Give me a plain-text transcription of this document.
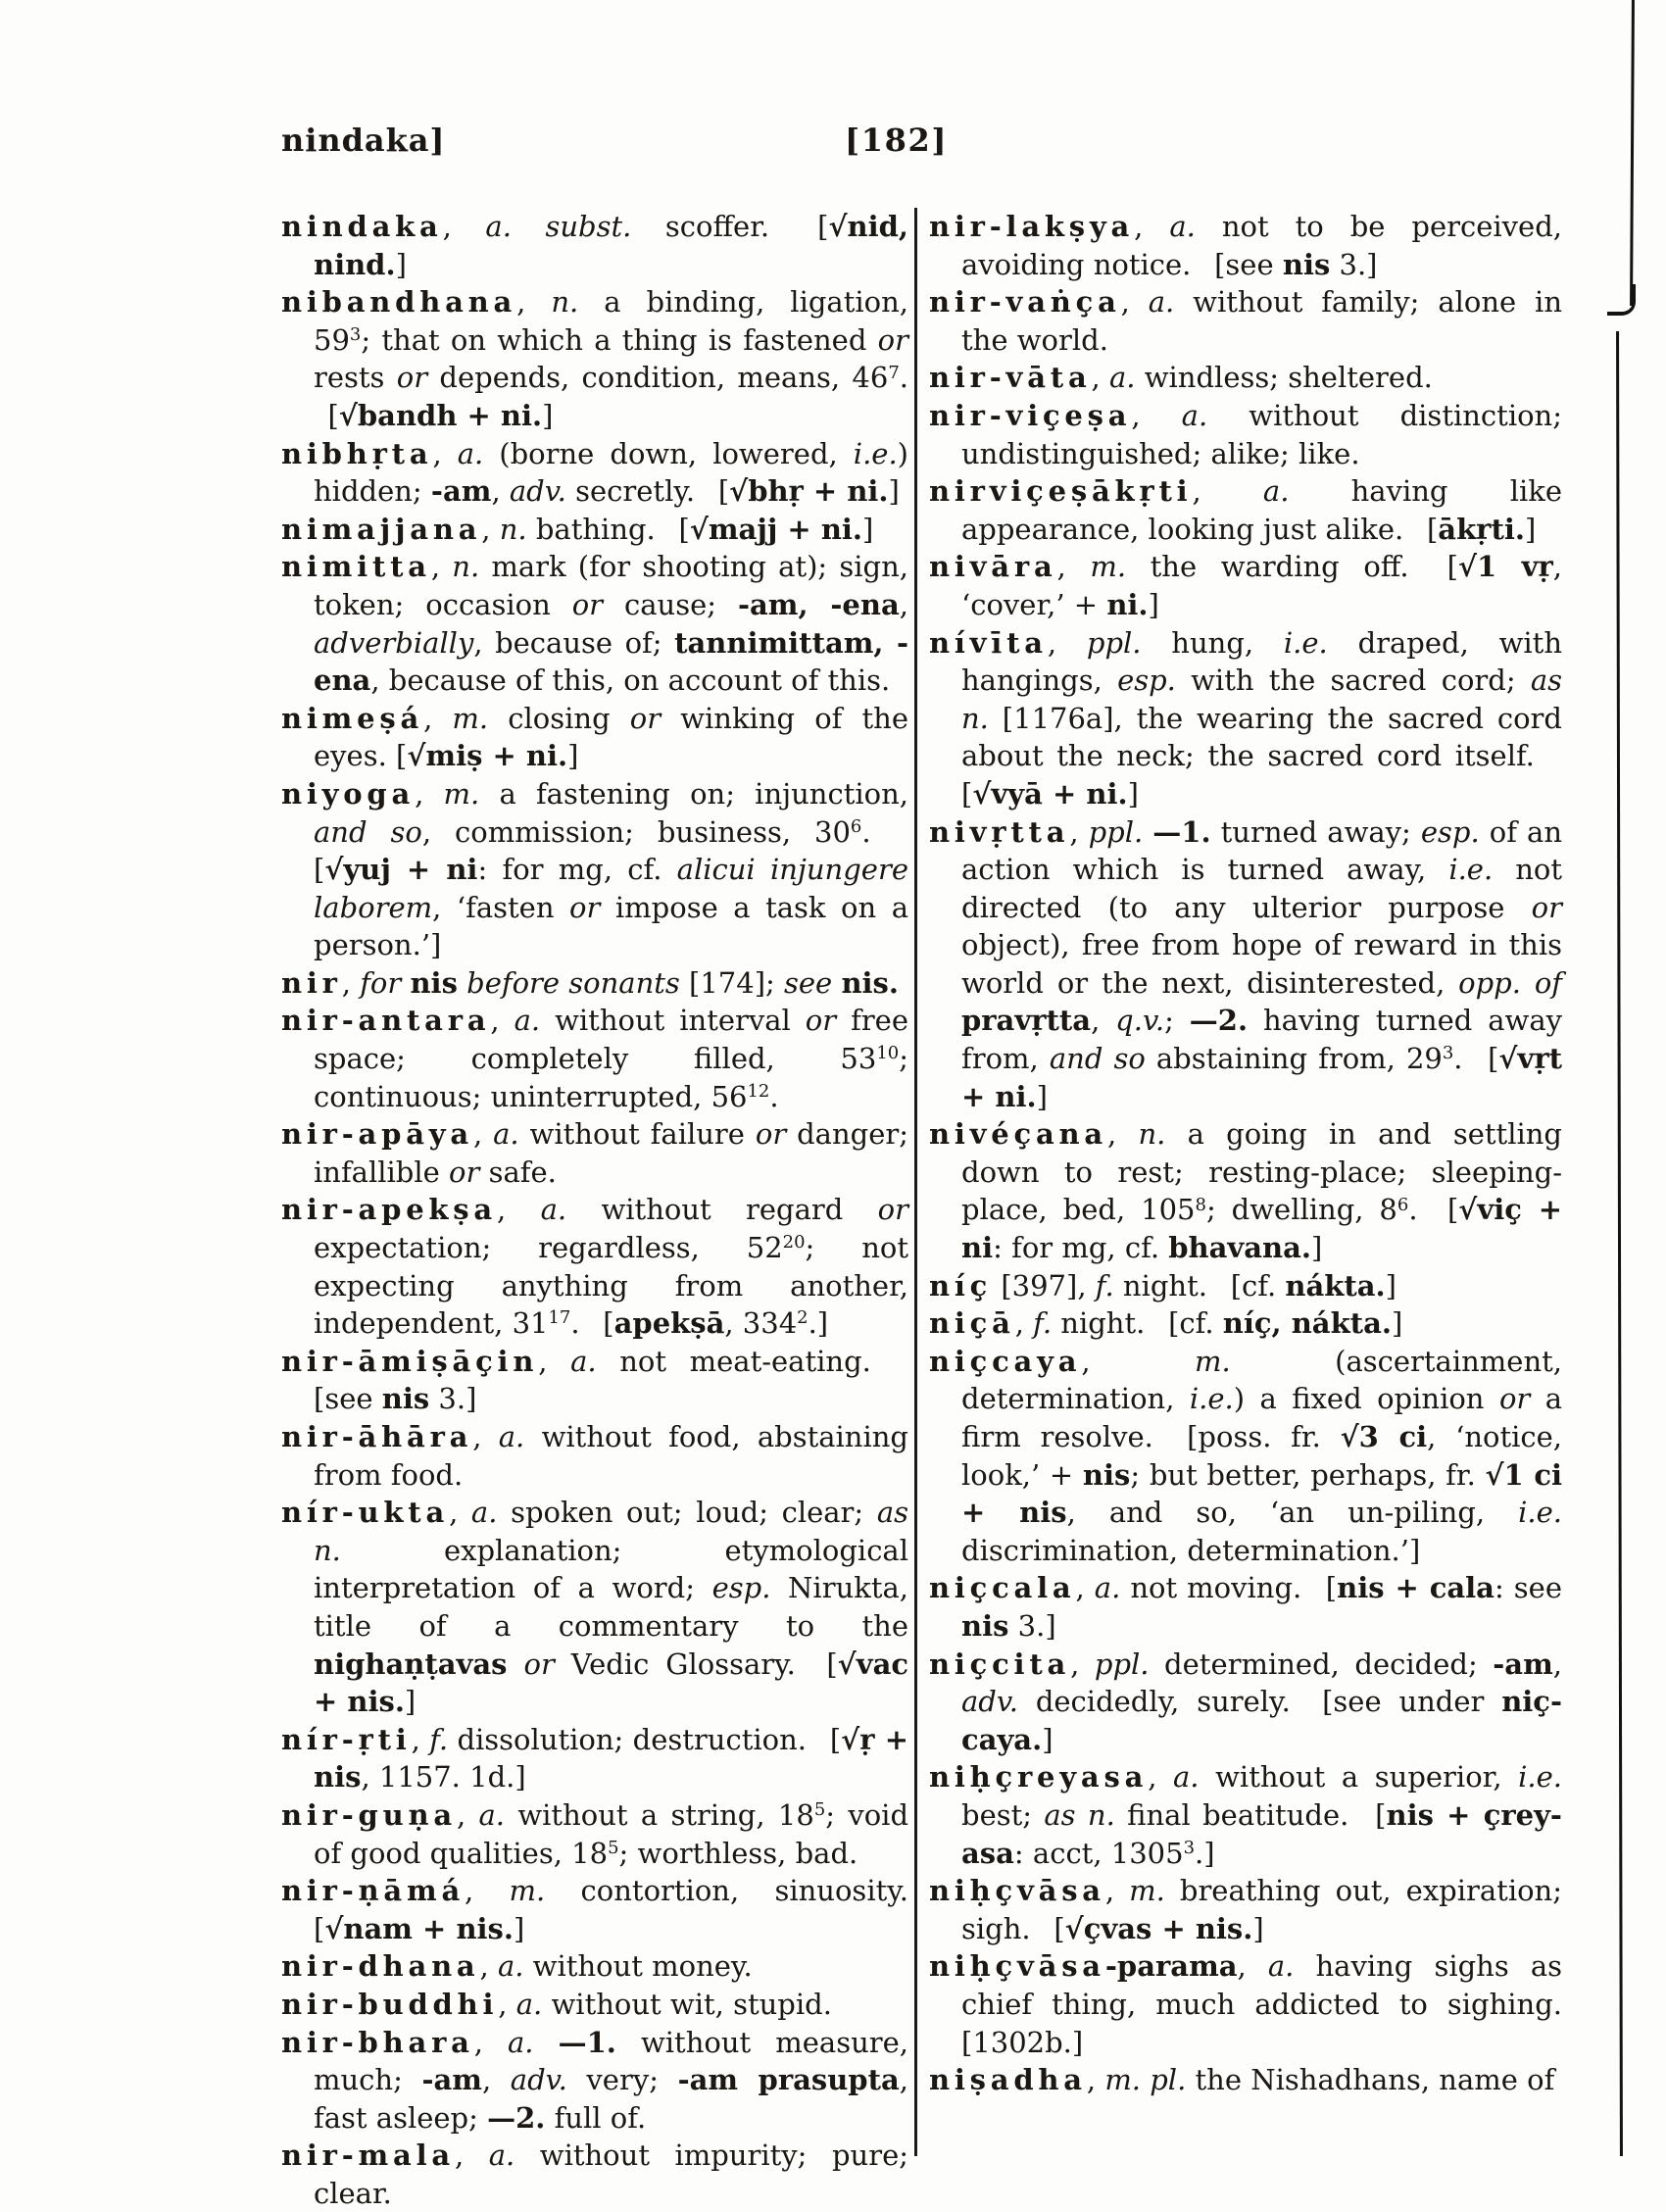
nindaka]	[182]

nindaka, a. subst. scoffer.  [√nid, nind.]

nibandhana, n. a binding, ligation, $59^3$; that on which a thing is fastened or rests or depends, condition, means, $46^7$.  [√bandh + ni.]

nibhṛta, a. (borne down, lowered, i.e.) hidden; -am, adv. secretly.  [√bhṛ + ni.]

nimajjana, n. bathing.  [√majj + ni.]

nimitta, n. mark (for shooting at); sign, token; occasion or cause; -am, -ena, adverbially, because of; tannimittam, -ena, because of this, on account of this.

nimeṣá, m. closing or winking of the eyes. [√miṣ + ni.]

niyoga, m. a fastening on; injunction, and so, commission; business, $30^6$.  [√yuj + ni: for mg, cf. alicui injungere laborem, ‘fasten or impose a task on a person.’]

nir, for nis before sonants [174]; see nis.

nir-antara, a. without interval or free space; completely filled, $53^{10}$; continuous; uninterrupted, $56^{12}$.

nir-apāya, a. without failure or danger; infallible or safe.

nir-apekṣa, a. without regard or expectation; regardless, $52^{20}$; not expecting anything from another, independent, $31^{17}$.  [apekṣā, $334^2$.]

nir-āmiṣāçin, a. not meat-eating.  [see nis 3.]

nir-āhāra, a. without food, abstaining from food.

nír-ukta, a. spoken out; loud; clear; as n. explanation; etymological interpretation of a word; esp. Nirukta, title of a commentary to the nighaṇṭavas or Vedic Glossary.  [√vac + nis.]

nír-ṛti, f. dissolution; destruction.  [√ṛ + nis, 1157. 1d.]

nir-guṇa, a. without a string, $18^5$; void of good qualities, $18^5$; worthless, bad.

nir-ṇāmá, m. contortion, sinuosity. [√nam + nis.]

nir-dhana, a. without money.

nir-buddhi, a. without wit, stupid.

nir-bhara, a. —1. without measure, much; -am, adv. very; -am prasupta, fast asleep; —2. full of.

nir-mala, a. without impurity; pure; clear.

nir-lakṣya, a. not to be perceived, avoiding notice.  [see nis 3.]

nir-vaṅça, a. without family; alone in the world.

nir-vāta, a. windless; sheltered.

nir-viçeṣa, a. without distinction; undistinguished; alike; like.

nirviçeṣākṛti, a. having like appearance, looking just alike.  [ākṛti.]

nivāra, m. the warding off.  [√1 vṛ, ‘cover,’ + ni.]

nívīta, ppl. hung, i.e. draped, with hangings, esp. with the sacred cord; as n. [1176a], the wearing the sacred cord about the neck; the sacred cord itself.  [√vyā + ni.]

nivṛtta, ppl. —1. turned away; esp. of an action which is turned away, i.e. not directed (to any ulterior purpose or object), free from hope of reward in this world or the next, disinterested, opp. of pravṛtta, q.v.; —2. having turned away from, and so abstaining from, $29^3$.  [√vṛt + ni.]

nivéçana, n. a going in and settling down to rest; resting-place; sleeping-place, bed, $105^8$; dwelling, $8^6$.  [√viç + ni: for mg, cf. bhavana.]

níç [397], f. night.  [cf. nákta.]

niçā, f. night.  [cf. níç, nákta.]

niçcaya, m. (ascertainment, determination, i.e.) a fixed opinion or a firm resolve.  [poss. fr. √3 ci, ‘notice, look,’ + nis; but better, perhaps, fr. √1 ci + nis, and so, ‘an un-piling, i.e. discrimination, determination.’]

niçcala, a. not moving.  [nis + cala: see nis 3.]

niçcita, ppl. determined, decided; -am, adv. decidedly, surely.  [see under niç-caya.]

niḥçreyasa, a. without a superior, i.e. best; as n. final beatitude.  [nis + çrey-asa: acct, 1305$^3$.]

niḥçvāsa, m. breathing out, expiration; sigh.  [√çvas + nis.]

niḥçvāsa-parama, a. having sighs as chief thing, much addicted to sighing. [1302b.]

niṣadha, m. pl. the Nishadhans, name of
